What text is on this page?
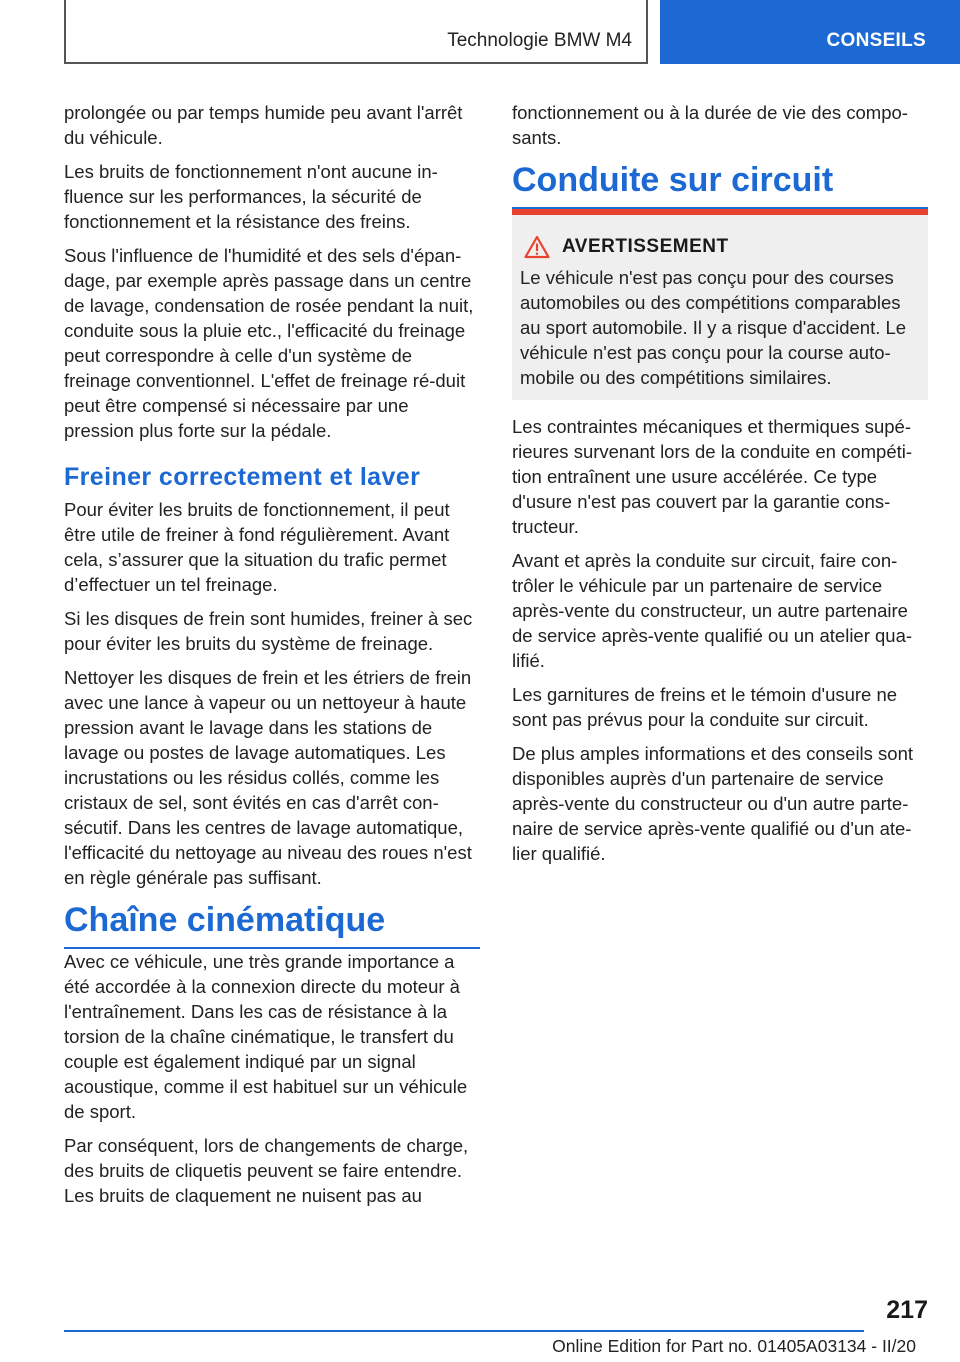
Technologie BMW M4	CONSEILS

prolongée ou par temps humide peu avant l'arrêt du véhicule.

Les bruits de fonctionnement n'ont aucune in‐fluence sur les performances, la sécurité de fonctionnement et la résistance des freins.

Sous l'influence de l'humidité et des sels d'épan‐dage, par exemple après passage dans un centre de lavage, condensation de rosée pendant la nuit, conduite sous la pluie etc., l'efficacité du freinage peut correspondre à celle d'un système de freinage conventionnel. L'effet de freinage ré‐duit peut être compensé si nécessaire par une pression plus forte sur la pédale.

Freiner correctement et laver

Pour éviter les bruits de fonctionnement, il peut être utile de freiner à fond régulièrement. Avant cela, s’assurer que la situation du trafic permet d’effectuer un tel freinage.

Si les disques de frein sont humides, freiner à sec pour éviter les bruits du système de freinage.

Nettoyer les disques de frein et les étriers de frein avec une lance à vapeur ou un nettoyeur à haute pression avant le lavage dans les stations de lavage ou postes de lavage automatiques. Les incrustations ou les résidus collés, comme les cristaux de sel, sont évités en cas d'arrêt con‐sécutif. Dans les centres de lavage automatique, l'efficacité du nettoyage au niveau des roues n'est en règle générale pas suffisant.

Chaîne cinématique

Avec ce véhicule, une très grande importance a été accordée à la connexion directe du moteur à l'entraînement. Dans les cas de résistance à la torsion de la chaîne cinématique, le transfert du couple est également indiqué par un signal acoustique, comme il est habituel sur un véhicule de sport.

Par conséquent, lors de changements de charge, des bruits de cliquetis peuvent se faire entendre. Les bruits de claquement ne nuisent pas au

fonctionnement ou à la durée de vie des compo‐sants.

Conduite sur circuit
AVERTISSEMENT

Le véhicule n'est pas conçu pour des courses automobiles ou des compétitions comparables au sport automobile. Il y a risque d'accident. Le véhicule n'est pas conçu pour la course auto‐mobile ou des compétitions similaires.

Les contraintes mécaniques et thermiques supé‐rieures survenant lors de la conduite en compéti‐tion entraînent une usure accélérée. Ce type d'usure n'est pas couvert par la garantie cons‐tructeur.

Avant et après la conduite sur circuit, faire con‐trôler le véhicule par un partenaire de service après-vente du constructeur, un autre partenaire de service après-vente qualifié ou un atelier qua‐lifié.

Les garnitures de freins et le témoin d'usure ne sont pas prévus pour la conduite sur circuit.

De plus amples informations et des conseils sont disponibles auprès d'un partenaire de service après-vente du constructeur ou d'un autre parte‐naire de service après-vente qualifié ou d'un ate‐lier qualifié.

217
Online Edition for Part no. 01405A03134 - II/20
